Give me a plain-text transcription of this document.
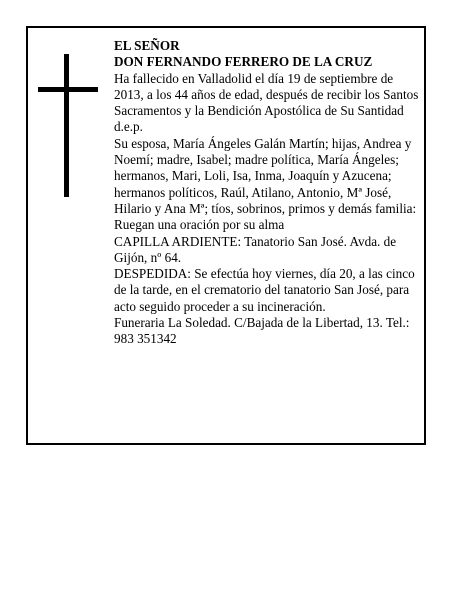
EL SEÑOR

DON FERNANDO FERRERO DE LA CRUZ

Ha fallecido en Valladolid el día 19 de septiembre de 2013, a los 44 años de edad, después de recibir los Santos Sacramentos y la Bendición Apostólica de Su Santidad

d.e.p.

Su esposa, María Ángeles Galán Martín; hijas, Andrea y Noemí; madre, Isabel; madre política, María Ángeles; hermanos, Mari, Loli, Isa, Inma, Joaquín y Azucena; hermanos políticos, Raúl, Atilano, Antonio, Mª José, Hilario y Ana Mª; tíos, sobrinos, primos y demás familia:

Ruegan una oración por su alma

CAPILLA ARDIENTE: Tanatorio San José. Avda. de Gijón, nº 64.

DESPEDIDA: Se efectúa hoy viernes, día 20, a las cinco de la tarde, en el crematorio del tanatorio San José, para acto seguido proceder a su incineración.

Funeraria La Soledad. C/Bajada de la Libertad, 13. Tel.: 983 351342
